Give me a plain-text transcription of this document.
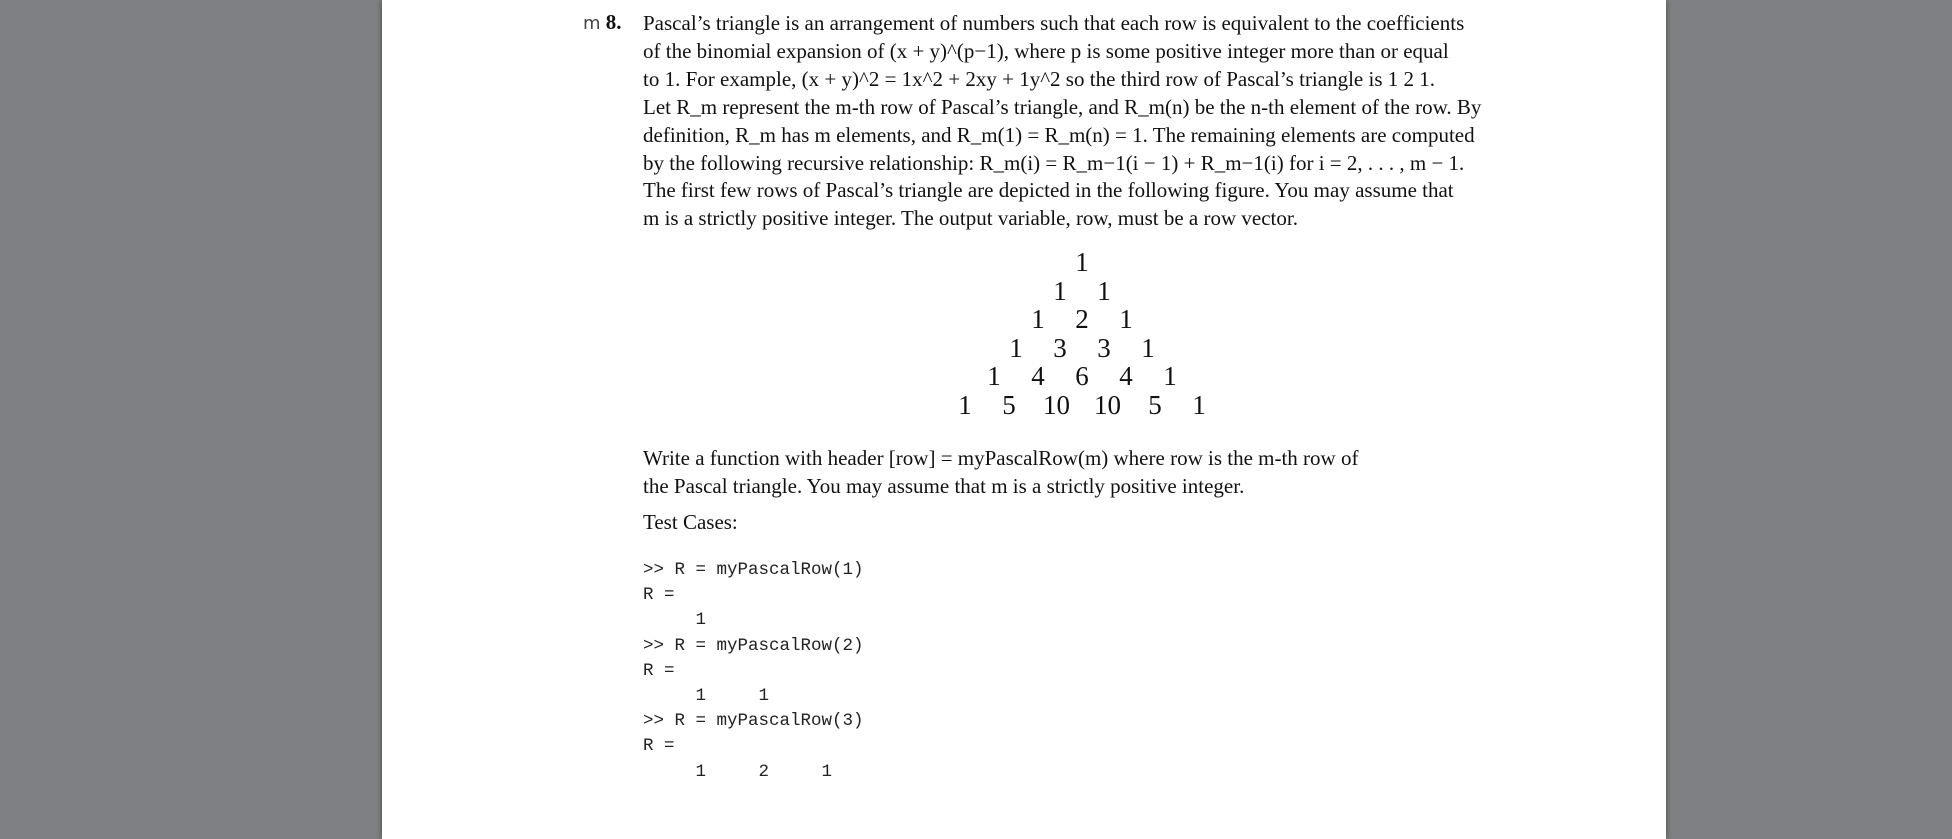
m 8. Pascal’s triangle is an arrangement of numbers such that each row is equivalent to the coefficients

of the binomial expansion of (x + y)^(p−1), where p is some positive integer more than or equal

to 1. For example, (x + y)^2 = 1x^2 + 2xy + 1y^2 so the third row of Pascal’s triangle is 1 2 1.

Let R_m represent the m-th row of Pascal’s triangle, and R_m(n) be the n-th element of the row. By

definition, R_m has m elements, and R_m(1) = R_m(n) = 1. The remaining elements are computed

by the following recursive relationship: R_m(i) = R_m−1(i − 1) + R_m−1(i) for i = 2, . . . , m − 1.

The first few rows of Pascal’s triangle are depicted in the following figure. You may assume that

m is a strictly positive integer. The output variable, row, must be a row vector.

1
1 1
1 2 1
1 3 3 1
1 4 6 4 1
1 5 10 10 5 1

Write a function with header [row] = myPascalRow(m) where row is the m-th row of

the Pascal triangle. You may assume that m is a strictly positive integer.

Test Cases:
>> R = myPascalRow(1)
R =
1
>> R = myPascalRow(2)
R =
1     1
>> R = myPascalRow(3)
R =
1     2     1
